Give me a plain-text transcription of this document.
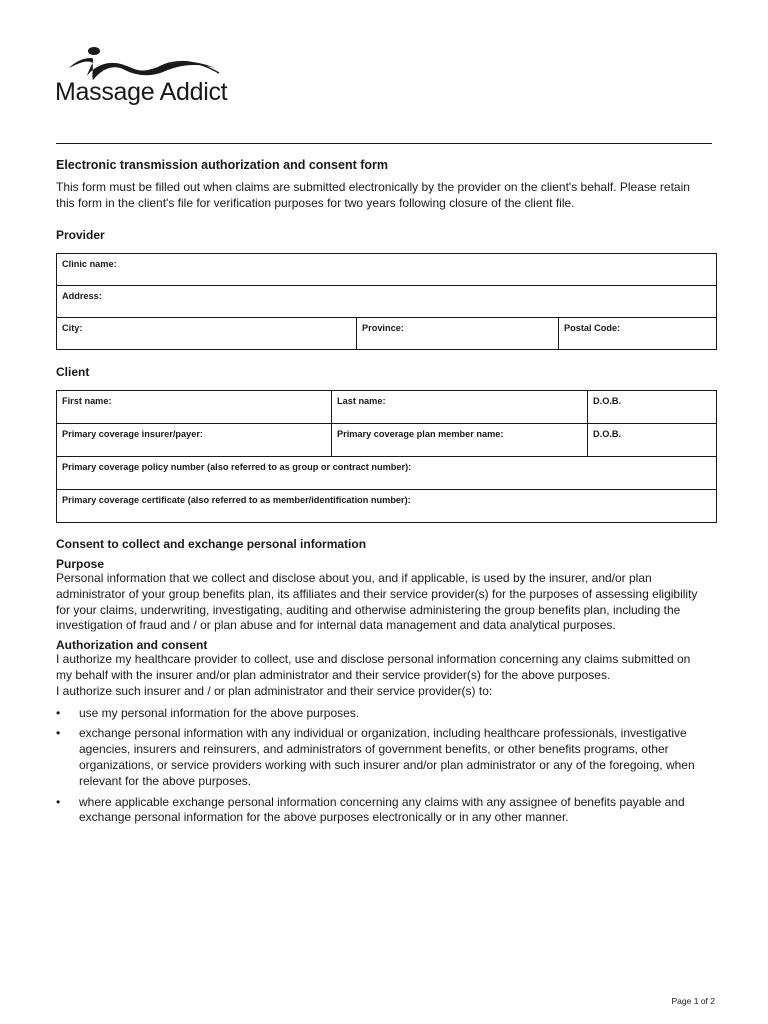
Massage Addict
Electronic transmission authorization and consent form
This form must be filled out when claims are submitted electronically by the provider on the client's behalf. Please retain this form in the client's file for verification purposes for two years following closure of the client file.
Provider
Clinic name:
Address:
City:	Province:	Postal Code:
Client
First name:	Last name:	D.O.B.
Primary coverage insurer/payer:	Primary coverage plan member name:	D.O.B.
Primary coverage policy number (also referred to as group or contract number):		
Primary coverage certificate (also referred to as member/identification number):		
Consent to collect and exchange personal information
Purpose
Personal information that we collect and disclose about you, and if applicable, is used by the insurer, and/or plan administrator of your group benefits plan, its affiliates and their service provider(s) for the purposes of assessing eligibility for your claims, underwriting, investigating, auditing and otherwise administering the group benefits plan, including the investigation of fraud and / or plan abuse and for internal data management and data analytical purposes.
Authorization and consent
I authorize my healthcare provider to collect, use and disclose personal information concerning any claims submitted on my behalf with the insurer and/or plan administrator and their service provider(s) for the above purposes.
I authorize such insurer and / or plan administrator and their service provider(s) to:
• use my personal information for the above purposes.
• exchange personal information with any individual or organization, including healthcare professionals, investigative agencies, insurers and reinsurers, and administrators of government benefits, or other benefits programs, other organizations, or service providers working with such insurer and/or plan administrator or any of the foregoing, when relevant for the above purposes.
• where applicable exchange personal information concerning any claims with any assignee of benefits payable and exchange personal information for the above purposes electronically or in any other manner.
Page 1 of 2
